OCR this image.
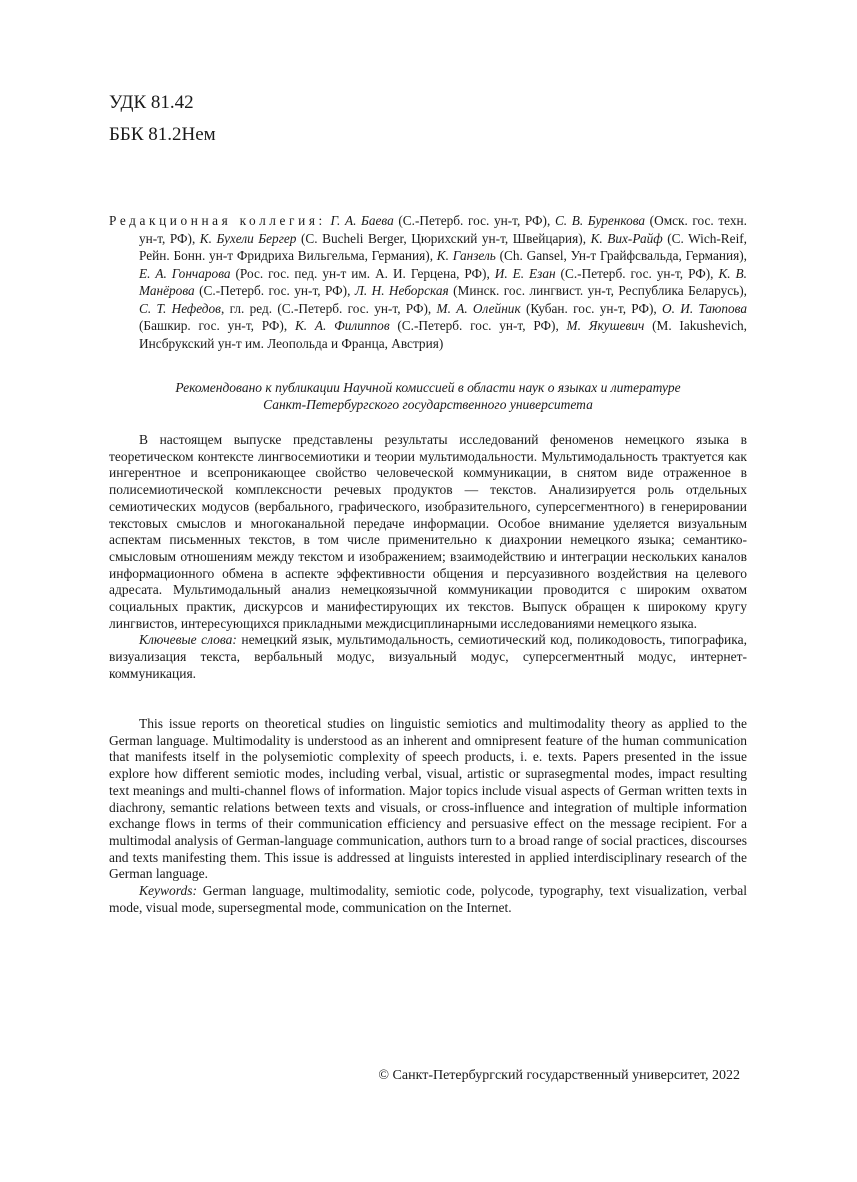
УДК 81.42
ББК 81.2Нем
Редакционная коллегия: Г. А. Баева (С.-Петерб. гос. ун-т, РФ), С. В. Буренкова (Омск. гос. техн. ун-т, РФ), К. Бухели Бергер (С. Bucheli Berger, Цюрихский ун-т, Швейцария), К. Вих-Райф (C. Wich-Reif, Рейн. Бонн. ун-т Фридриха Вильгельма, Германия), К. Ганзель (Ch. Gansel, Ун-т Грайфсвальда, Германия), Е. А. Гончарова (Рос. гос. пед. ун-т им. А. И. Герцена, РФ), И. Е. Езан (С.-Петерб. гос. ун-т, РФ), К. В. Манёрова (С.-Петерб. гос. ун-т, РФ), Л. Н. Неборская (Минск. гос. лингвист. ун-т, Республика Беларусь), С. Т. Нефедов, гл. ред. (С.-Петерб. гос. ун-т, РФ), М. А. Олейник (Кубан. гос. ун-т, РФ), О. И. Таюпова (Башкир. гос. ун-т, РФ), К. А. Филиппов (С.-Петерб. гос. ун-т, РФ), М. Якушевич (M. Iakushevich, Инсбрукский ун-т им. Леопольда и Франца, Австрия)
Рекомендовано к публикации Научной комиссией в области наук о языках и литературе
Санкт-Петербургского государственного университета

В настоящем выпуске представлены результаты исследований феноменов немецкого языка в теоретическом контексте лингвосемиотики и теории мультимодальности. Мультимодальность трактуется как ингерентное и всепроникающее свойство человеческой коммуникации, в снятом виде отраженное в полисемиотической комплексности речевых продуктов — текстов. Анализируется роль отдельных семиотических модусов (вербального, графического, изобразительного, суперсегментного) в генерировании текстовых смыслов и многоканальной передаче информации. Особое внимание уделяется визуальным аспектам письменных текстов, в том числе применительно к диахронии немецкого языка; семантико-смысловым отношениям между текстом и изображением; взаимодействию и интеграции нескольких каналов информационного обмена в аспекте эффективности общения и персуазивного воздействия на целевого адресата. Мультимодальный анализ немецкоязычной коммуникации проводится с широким охватом социальных практик, дискурсов и манифестирующих их текстов. Выпуск обращен к широкому кругу лингвистов, интересующихся прикладными междисциплинарными исследованиями немецкого языка.

Ключевые слова: немецкий язык, мультимодальность, семиотический код, поликодовость, типографика, визуализация текста, вербальный модус, визуальный модус, суперсегментный модус, интернет-коммуникация.

This issue reports on theoretical studies on linguistic semiotics and multimodality theory as applied to the German language. Multimodality is understood as an inherent and omnipresent feature of the human communication that manifests itself in the polysemiotic complexity of speech products, i. e. texts. Papers presented in the issue explore how different semiotic modes, including verbal, visual, artistic or suprasegmental modes, impact resulting text meanings and multi-channel flows of information. Major topics include visual aspects of German written texts in diachrony, semantic relations between texts and visuals, or cross-influence and integration of multiple information exchange flows in terms of their communication efficiency and persuasive effect on the message recipient. For a multimodal analysis of German-language communication, authors turn to a broad range of social practices, discourses and texts manifesting them. This issue is addressed at linguists interested in applied interdisciplinary research of the German language.

Keywords: German language, multimodality, semiotic code, polycode, typography, text visualization, verbal mode, visual mode, supersegmental mode, communication on the Internet.

© Санкт-Петербургский государственный университет, 2022
